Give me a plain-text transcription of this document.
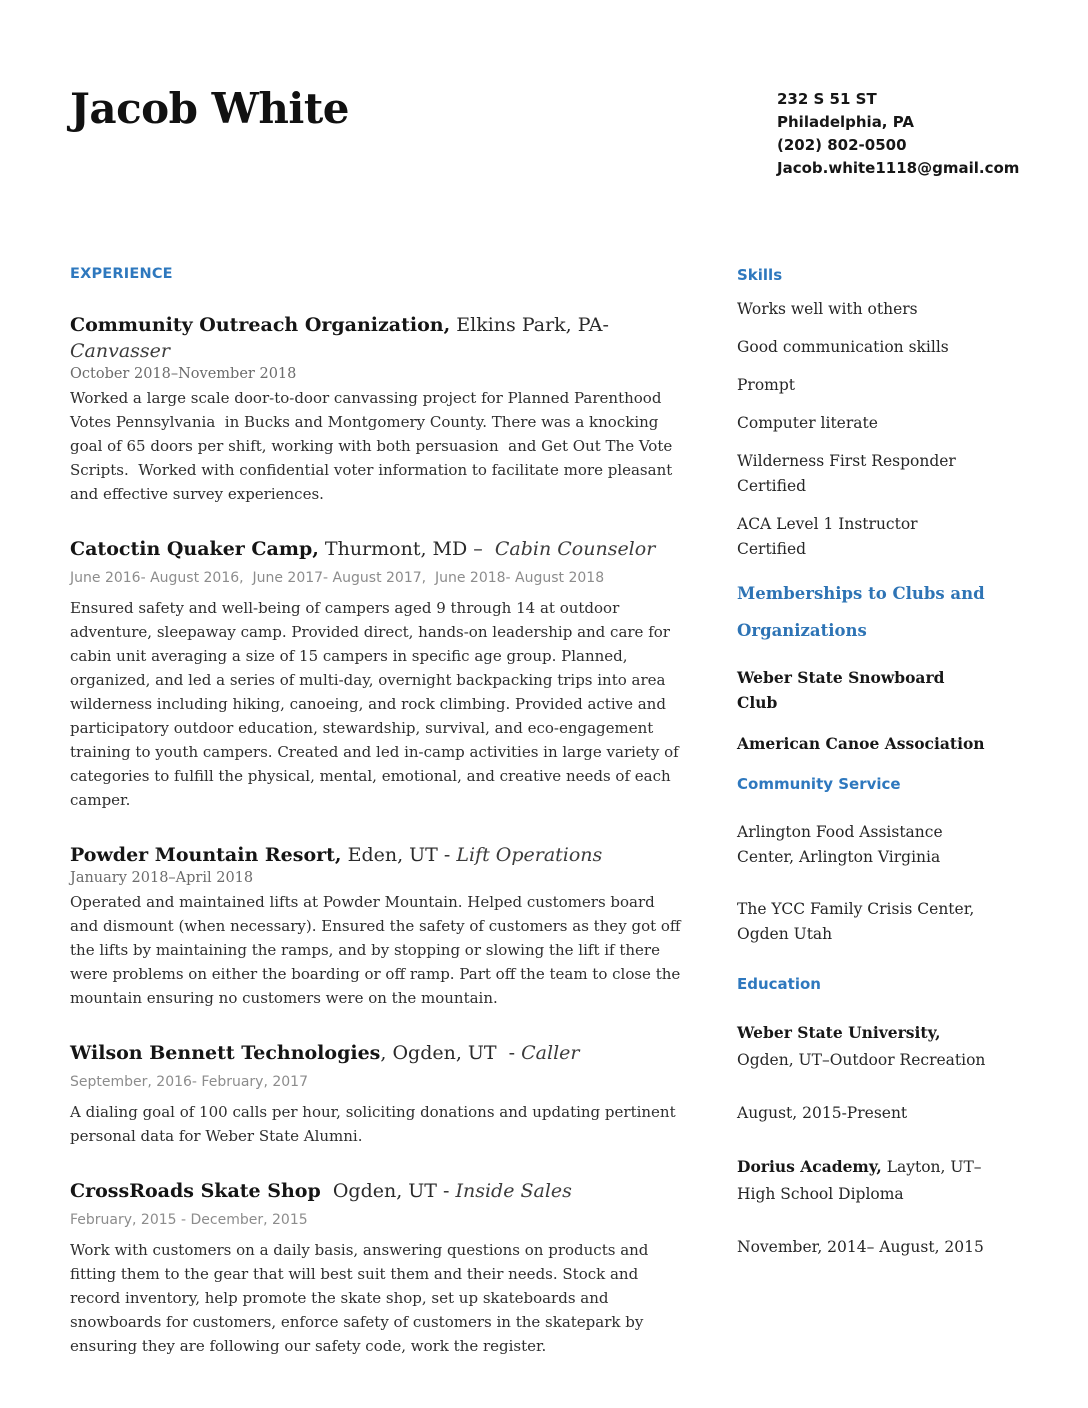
Jacob White	232 S 51 ST
Philadelphia, PA
(202) 802-0500
Jacob.white1118@gmail.com
EXPERIENCE
Community Outreach Organization, Elkins Park, PA- Canvasser
October 2018–November 2018
Worked a large scale door-to-door canvassing project for Planned Parenthood Votes Pennsylvania  in Bucks and Montgomery County. There was a knocking goal of 65 doors per shift, working with both persuasion  and Get Out The Vote Scripts.  Worked with confidential voter information to facilitate more pleasant and effective survey experiences.
Catoctin Quaker Camp, Thurmont, MD –  Cabin Counselor
June 2016- August 2016,  June 2017- August 2017,  June 2018- August 2018
Ensured safety and well-being of campers aged 9 through 14 at outdoor adventure, sleepaway camp. Provided direct, hands-on leadership and care for cabin unit averaging a size of 15 campers in specific age group. Planned, organized, and led a series of multi-day, overnight backpacking trips into area wilderness including hiking, canoeing, and rock climbing. Provided active and participatory outdoor education, stewardship, survival, and eco-engagement training to youth campers. Created and led in-camp activities in large variety of categories to fulfill the physical, mental, emotional, and creative needs of each camper.
Powder Mountain Resort, Eden, UT - Lift Operations
January 2018–April 2018
Operated and maintained lifts at Powder Mountain. Helped customers board and dismount (when necessary). Ensured the safety of customers as they got off the lifts by maintaining the ramps, and by stopping or slowing the lift if there were problems on either the boarding or off ramp. Part off the team to close the mountain ensuring no customers were on the mountain.
Wilson Bennett Technologies, Ogden, UT  - Caller
September, 2016- February, 2017
A dialing goal of 100 calls per hour, soliciting donations and updating pertinent personal data for Weber State Alumni.
CrossRoads Skate Shop  Ogden, UT - Inside Sales
February, 2015 - December, 2015
Work with customers on a daily basis, answering questions on products and fitting them to the gear that will best suit them and their needs. Stock and record inventory, help promote the skate shop, set up skateboards and snowboards for customers, enforce safety of customers in the skatepark by ensuring they are following our safety code, work the register.
Skills
Works well with others
Good communication skills
Prompt
Computer literate
Wilderness First Responder Certified
ACA Level 1 Instructor Certified
Memberships to Clubs and Organizations
Weber State Snowboard Club
American Canoe Association
Community Service
Arlington Food Assistance Center, Arlington Virginia
The YCC Family Crisis Center, Ogden Utah
Education
Weber State University, Ogden, UT–Outdoor Recreation
August, 2015-Present
Dorius Academy, Layton, UT– High School Diploma
November, 2014– August, 2015
